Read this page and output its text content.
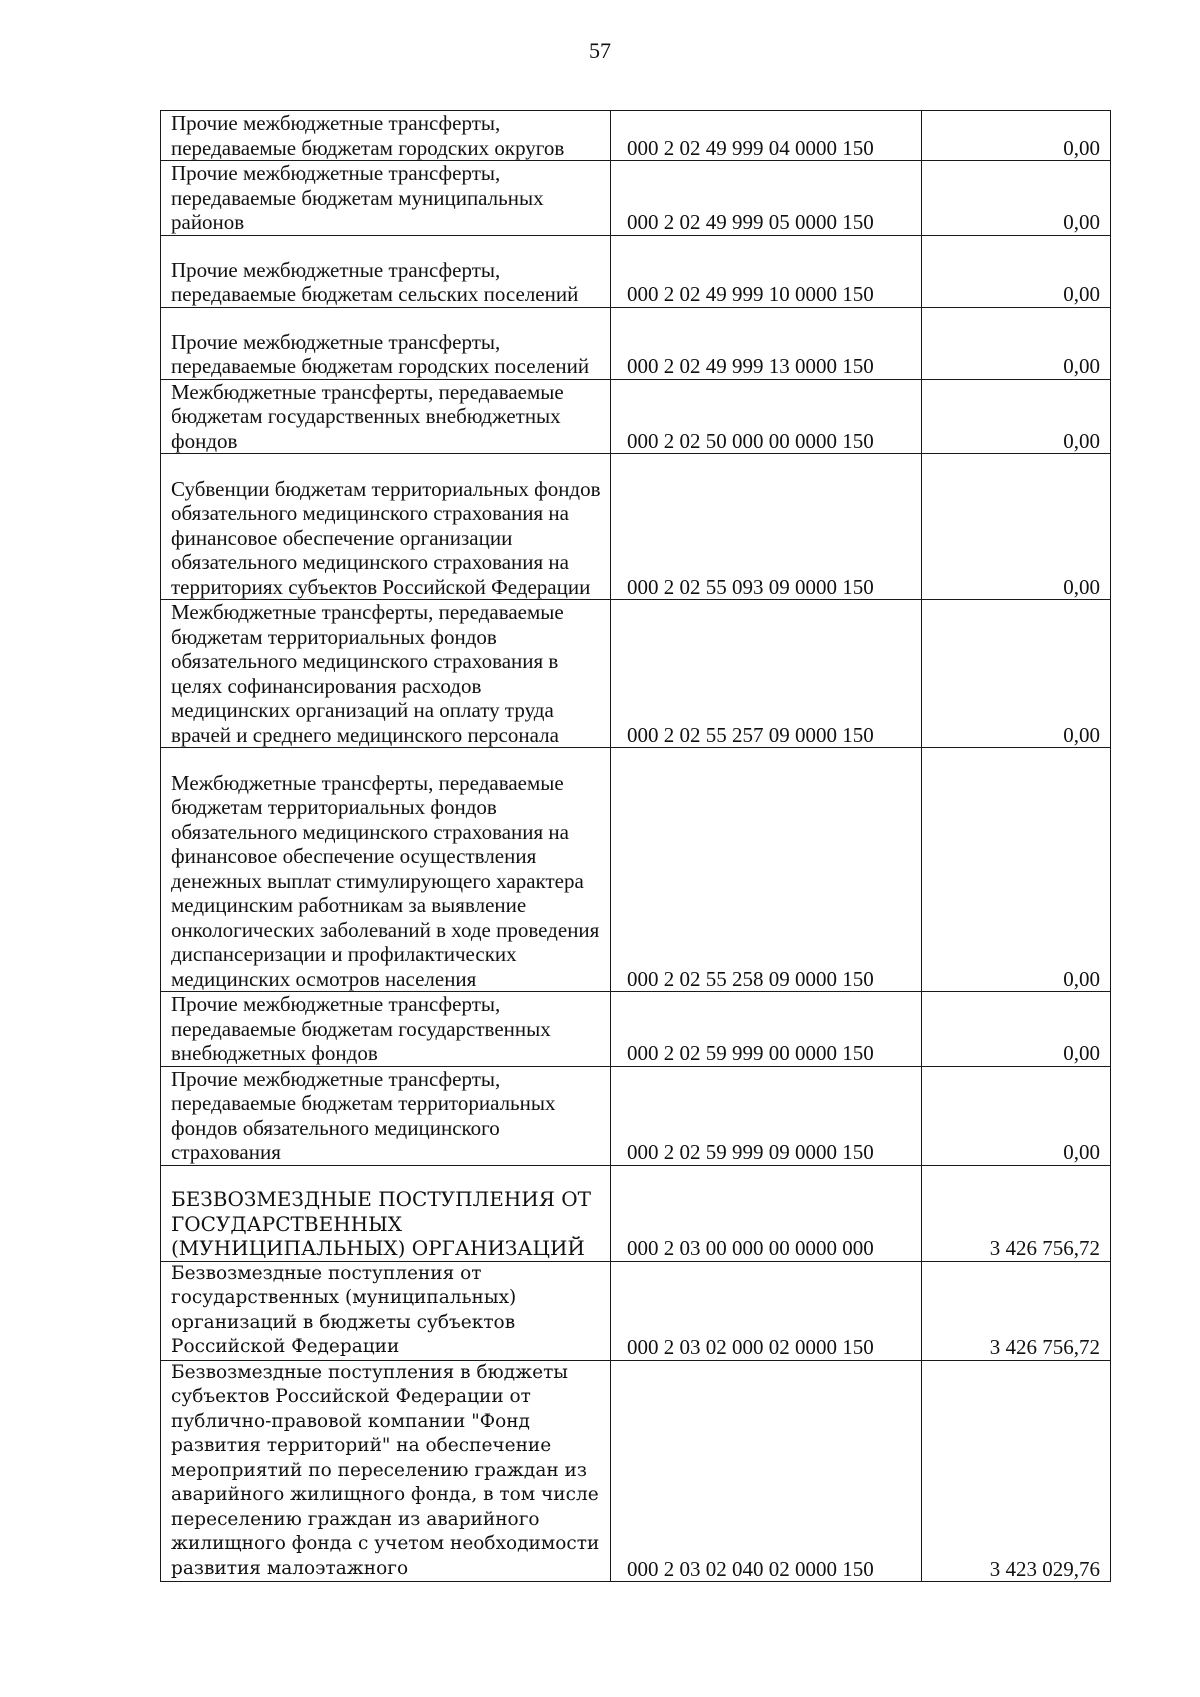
57
Прочие межбюджетные трансферты, передаваемые бюджетам городских округов	000 2 02 49 999 04 0000 150	0,00
Прочие межбюджетные трансферты, передаваемые бюджетам муниципальных районов	000 2 02 49 999 05 0000 150	0,00
Прочие межбюджетные трансферты, передаваемые бюджетам сельских поселений	000 2 02 49 999 10 0000 150	0,00
Прочие межбюджетные трансферты, передаваемые бюджетам городских поселений	000 2 02 49 999 13 0000 150	0,00
Межбюджетные трансферты, передаваемые бюджетам государственных внебюджетных фондов	000 2 02 50 000 00 0000 150	0,00
Субвенции бюджетам территориальных фондов обязательного медицинского страхования на финансовое обеспечение организации обязательного медицинского страхования на территориях субъектов Российской Федерации	000 2 02 55 093 09 0000 150	0,00
Межбюджетные трансферты, передаваемые бюджетам территориальных фондов обязательного медицинского страхования в целях софинансирования расходов медицинских организаций на оплату труда врачей и среднего медицинского персонала	000 2 02 55 257 09 0000 150	0,00
Межбюджетные трансферты, передаваемые бюджетам территориальных фондов обязательного медицинского страхования на финансовое обеспечение осуществления денежных выплат стимулирующего характера медицинским работникам за выявление онкологических заболеваний в ходе проведения диспансеризации и профилактических медицинских осмотров населения	000 2 02 55 258 09 0000 150	0,00
Прочие межбюджетные трансферты, передаваемые бюджетам государственных внебюджетных фондов	000 2 02 59 999 00 0000 150	0,00
Прочие межбюджетные трансферты, передаваемые бюджетам территориальных фондов обязательного медицинского страхования	000 2 02 59 999 09 0000 150	0,00
БЕЗВОЗМЕЗДНЫЕ ПОСТУПЛЕНИЯ ОТ ГОСУДАРСТВЕННЫХ (МУНИЦИПАЛЬНЫХ) ОРГАНИЗАЦИЙ	000 2 03 00 000 00 0000 000	3 426 756,72
Безвозмездные поступления от государственных (муниципальных) организаций в бюджеты субъектов Российской Федерации	000 2 03 02 000 02 0000 150	3 426 756,72
Безвозмездные поступления в бюджеты субъектов Российской Федерации от публично-правовой компании "Фонд развития территорий" на обеспечение мероприятий по переселению граждан из аварийного жилищного фонда, в том числе переселению граждан из аварийного жилищного фонда с учетом необходимости развития малоэтажного	000 2 03 02 040 02 0000 150	3 423 029,76
